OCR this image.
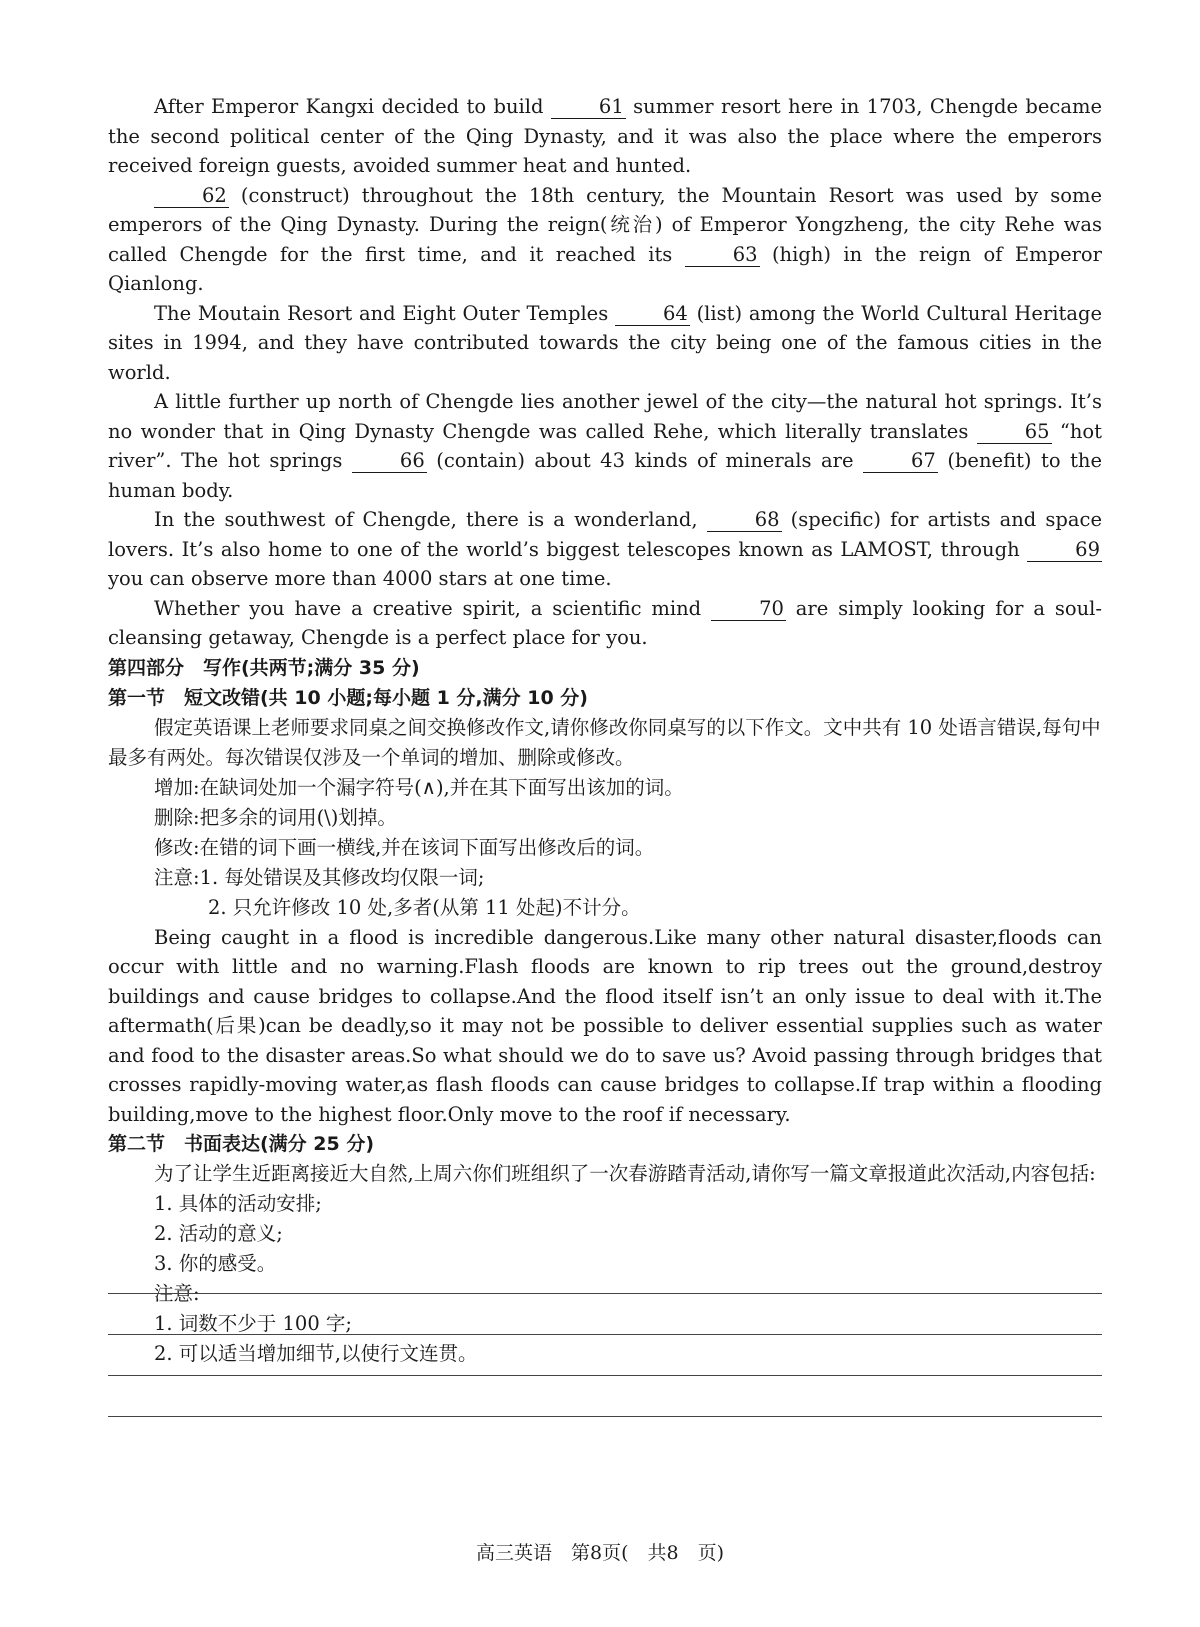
After Emperor Kangxi decided to build	61 summer resort here in 1703, Chengde became the second political center of the Qing Dynasty, and it was also the place where the emperors received foreign guests, avoided summer heat and hunted.

62 (construct) throughout the 18th century, the Mountain Resort was used by some emperors of the Qing Dynasty. During the reign(统治) of Emperor Yongzheng, the city Rehe was called Chengde for the first time, and it reached its	63 (high) in the reign of Emperor Qianlong.

The Moutain Resort and Eight Outer Temples	64 (list) among the World Cultural Heritage sites in 1994, and they have contributed towards the city being one of the famous cities in the world.

A little further up north of Chengde lies another jewel of the city—the natural hot springs. It’s no wonder that in Qing Dynasty Chengde was called Rehe, which literally translates	65 “hot river”. The hot springs	66 (contain) about 43 kinds of minerals are	67 (benefit) to the human body.

In the southwest of Chengde, there is a wonderland,	68 (specific) for artists and space lovers. It’s also home to one of the world’s biggest telescopes known as LAMOST, through	69 you can observe more than 4000 stars at one time.

Whether you have a creative spirit, a scientific mind	70 are simply looking for a soul-cleansing getaway, Chengde is a perfect place for you.

第四部分　写作(共两节;满分 35 分)

第一节　短文改错(共 10 小题;每小题 1 分,满分 10 分)

假定英语课上老师要求同桌之间交换修改作文,请你修改你同桌写的以下作文。文中共有 10 处语言错误,每句中最多有两处。每次错误仅涉及一个单词的增加、删除或修改。

增加:在缺词处加一个漏字符号(∧),并在其下面写出该加的词。

删除:把多余的词用(\)划掉。

修改:在错的词下画一横线,并在该词下面写出修改后的词。

注意:1. 每处错误及其修改均仅限一词;

2. 只允许修改 10 处,多者(从第 11 处起)不计分。

Being caught in a flood is incredible dangerous.Like many other natural disaster,floods can occur with little and no warning.Flash floods are known to rip trees out the ground,destroy buildings and cause bridges to collapse.And the flood itself isn’t an only issue to deal with it.The aftermath(后果)can be deadly,so it may not be possible to deliver essential supplies such as water and food to the disaster areas.So what should we do to save us? Avoid passing through bridges that crosses rapidly-moving water,as flash floods can cause bridges to collapse.If trap within a flooding building,move to the highest floor.Only move to the roof if necessary.

第二节　书面表达(满分 25 分)

为了让学生近距离接近大自然,上周六你们班组织了一次春游踏青活动,请你写一篇文章报道此次活动,内容包括:

1. 具体的活动安排;

2. 活动的意义;

3. 你的感受。

注意:

1. 词数不少于 100 字;

2. 可以适当增加细节,以使行文连贯。

高三英语　第8页(　共8　页)
